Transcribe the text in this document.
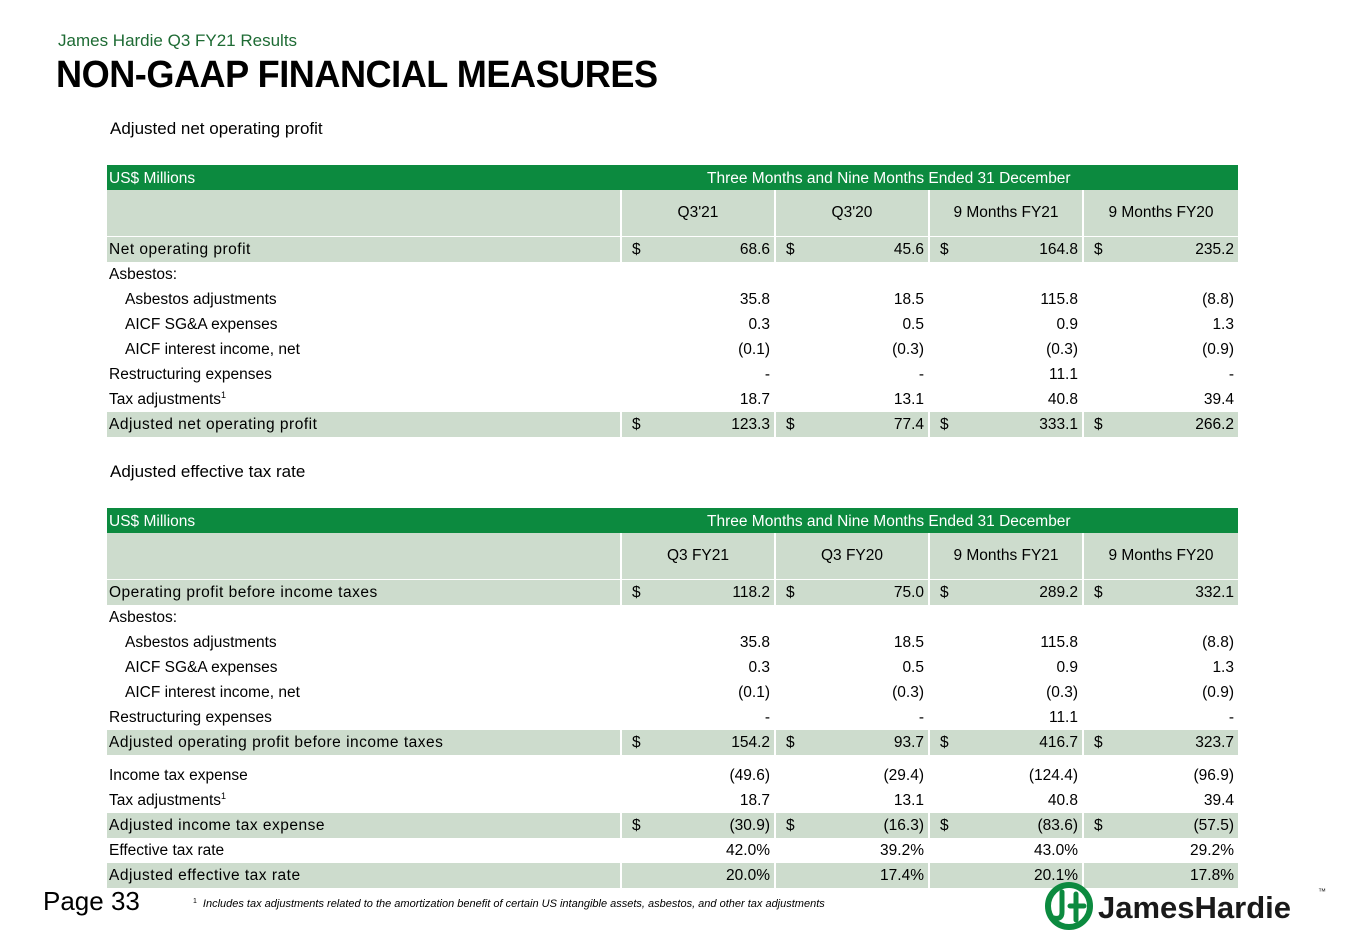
James Hardie Q3 FY21 Results
NON-GAAP FINANCIAL MEASURES
Adjusted net operating profit
US$ Millions	Three Months and Nine Months Ended 31 December
Q3'21	Q3'20	9 Months FY21	9 Months FY20
Net operating profit	$	68.6	$	45.6	$	164.8	$	235.2
Asbestos:
Asbestos adjustments	35.8	18.5	115.8	(8.8)
AICF SG&A expenses	0.3	0.5	0.9	1.3
AICF interest income, net	(0.1)	(0.3)	(0.3)	(0.9)
Restructuring expenses	-	-	11.1	-
Tax adjustments$^1$	18.7	13.1	40.8	39.4
Adjusted net operating profit	$	123.3	$	77.4	$	333.1	$	266.2
Adjusted effective tax rate
US$ Millions	Three Months and Nine Months Ended 31 December
Q3 FY21	Q3 FY20	9 Months FY21	9 Months FY20
Operating profit before income taxes	$	118.2	$	75.0	$	289.2	$	332.1
Asbestos:
Asbestos adjustments	35.8	18.5	115.8	(8.8)
AICF SG&A expenses	0.3	0.5	0.9	1.3
AICF interest income, net	(0.1)	(0.3)	(0.3)	(0.9)
Restructuring expenses	-	-	11.1	-
Adjusted operating profit before income taxes	$	154.2	$	93.7	$	416.7	$	323.7
Income tax expense	(49.6)	(29.4)	(124.4)	(96.9)
Tax adjustments$^1$	18.7	13.1	40.8	39.4
Adjusted income tax expense	$	(30.9)	$	(16.3)	$	(83.6)	$	(57.5)
Effective tax rate	42.0%	39.2%	43.0%	29.2%
Adjusted effective tax rate	20.0%	17.4%	20.1%	17.8%
Page 33	$^1$ Includes tax adjustments related to the amortization benefit of certain US intangible assets, asbestos, and other tax adjustments	JamesHardie	™
